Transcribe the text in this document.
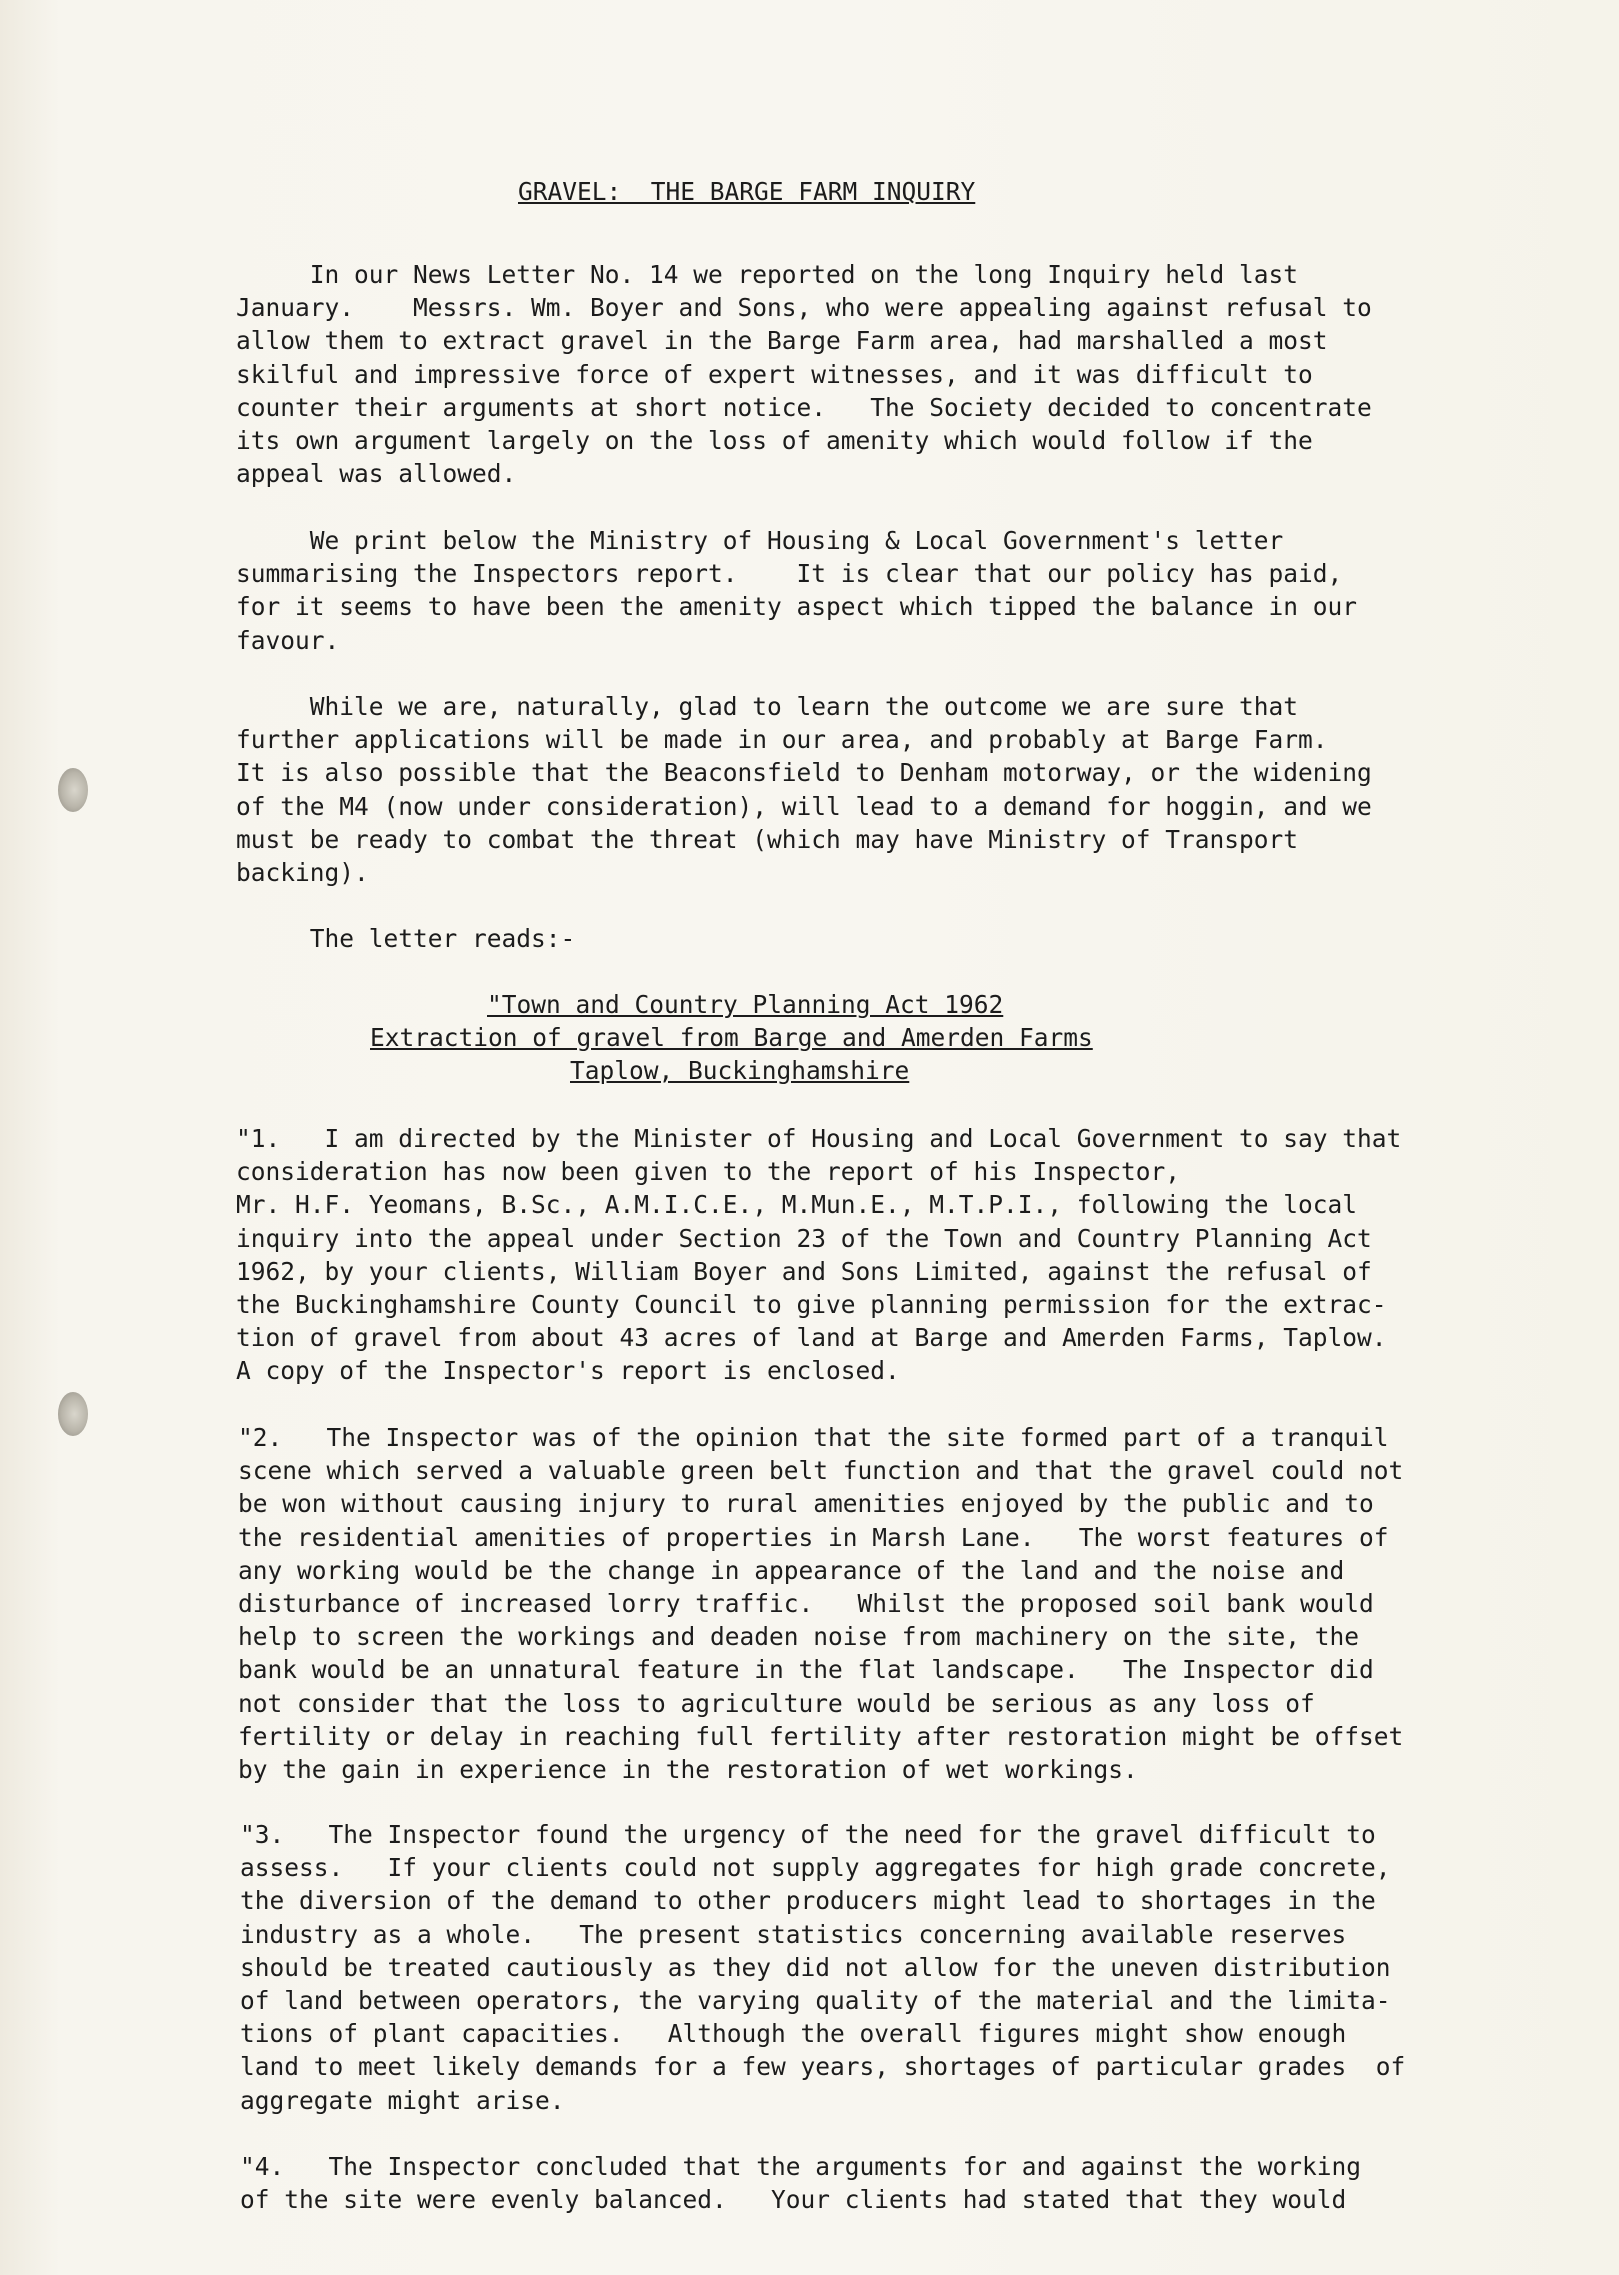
GRAVEL:  THE BARGE FARM INQUIRY
In our News Letter No. 14 we reported on the long Inquiry held last
January.    Messrs. Wm. Boyer and Sons, who were appealing against refusal to
allow them to extract gravel in the Barge Farm area, had marshalled a most
skilful and impressive force of expert witnesses, and it was difficult to
counter their arguments at short notice.   The Society decided to concentrate
its own argument largely on the loss of amenity which would follow if the
appeal was allowed.
We print below the Ministry of Housing & Local Government's letter
summarising the Inspectors report.    It is clear that our policy has paid,
for it seems to have been the amenity aspect which tipped the balance in our
favour.
While we are, naturally, glad to learn the outcome we are sure that
further applications will be made in our area, and probably at Barge Farm.
It is also possible that the Beaconsfield to Denham motorway, or the widening
of the M4 (now under consideration), will lead to a demand for hoggin, and we
must be ready to combat the threat (which may have Ministry of Transport
backing).
The letter reads:-
"Town and Country Planning Act 1962
Extraction of gravel from Barge and Amerden Farms
Taplow, Buckinghamshire
"1.   I am directed by the Minister of Housing and Local Government to say that
consideration has now been given to the report of his Inspector,
Mr. H.F. Yeomans, B.Sc., A.M.I.C.E., M.Mun.E., M.T.P.I., following the local
inquiry into the appeal under Section 23 of the Town and Country Planning Act
1962, by your clients, William Boyer and Sons Limited, against the refusal of
the Buckinghamshire County Council to give planning permission for the extrac-
tion of gravel from about 43 acres of land at Barge and Amerden Farms, Taplow.
A copy of the Inspector's report is enclosed.
"2.   The Inspector was of the opinion that the site formed part of a tranquil
scene which served a valuable green belt function and that the gravel could not
be won without causing injury to rural amenities enjoyed by the public and to
the residential amenities of properties in Marsh Lane.   The worst features of
any working would be the change in appearance of the land and the noise and
disturbance of increased lorry traffic.   Whilst the proposed soil bank would
help to screen the workings and deaden noise from machinery on the site, the
bank would be an unnatural feature in the flat landscape.   The Inspector did
not consider that the loss to agriculture would be serious as any loss of
fertility or delay in reaching full fertility after restoration might be offset
by the gain in experience in the restoration of wet workings.
"3.   The Inspector found the urgency of the need for the gravel difficult to
assess.   If your clients could not supply aggregates for high grade concrete,
the diversion of the demand to other producers might lead to shortages in the
industry as a whole.   The present statistics concerning available reserves
should be treated cautiously as they did not allow for the uneven distribution
of land between operators, the varying quality of the material and the limita-
tions of plant capacities.   Although the overall figures might show enough
land to meet likely demands for a few years, shortages of particular grades  of
aggregate might arise.
"4.   The Inspector concluded that the arguments for and against the working
of the site were evenly balanced.   Your clients had stated that they would
